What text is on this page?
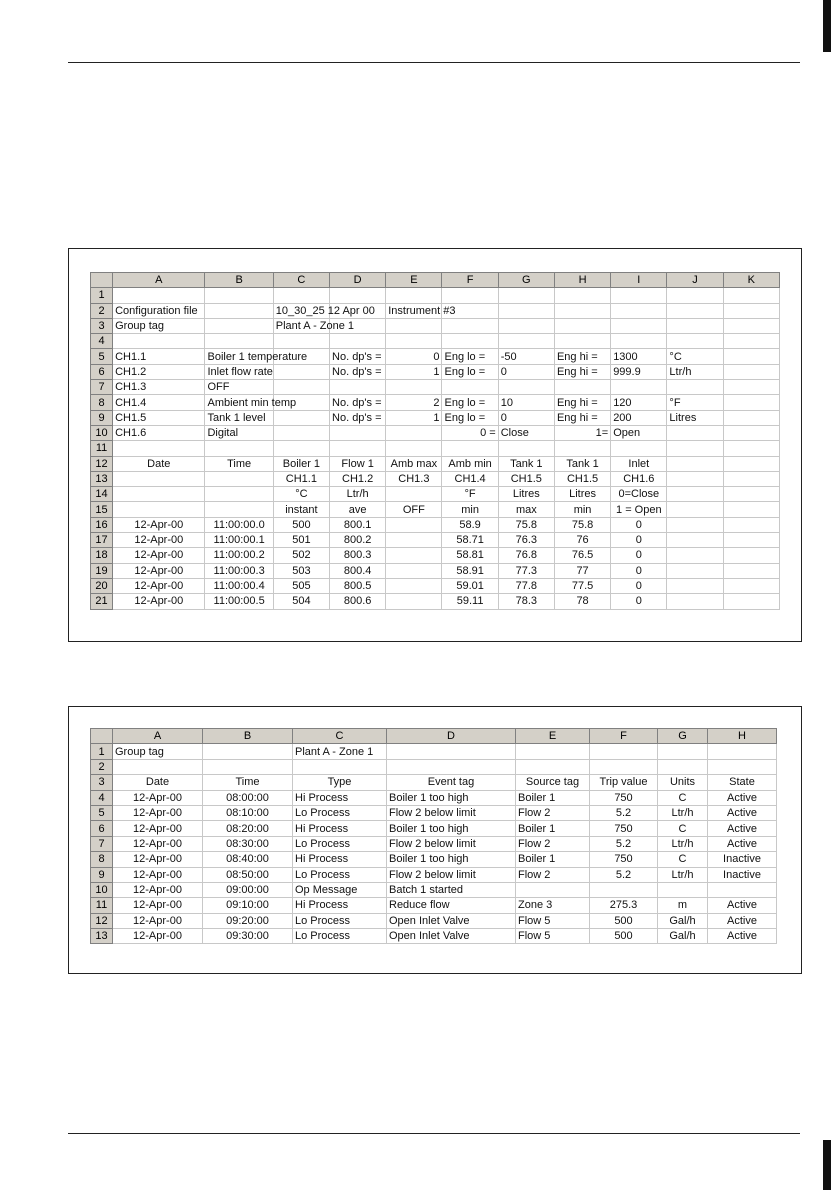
	A	B	C	D	E	F	G	H	I	J	K
1											
2	Configuration file		10_30_25 12 Apr 00		Instrument #3						
3	Group tag		Plant A - Zone 1								
4											
5	CH1.1	Boiler 1 temperature		No. dp's =	0	Eng lo =	-50	Eng hi =	1300	°C	
6	CH1.2	Inlet flow rate		No. dp's =	1	Eng lo =	0	Eng hi =	999.9	Ltr/h	
7	CH1.3	OFF									
8	CH1.4	Ambient min temp		No. dp's =	2	Eng lo =	10	Eng hi =	120	°F	
9	CH1.5	Tank 1 level		No. dp's =	1	Eng lo =	0	Eng hi =	200	Litres	
10	CH1.6	Digital				0 =	Close	1=	Open		
11											
12	Date	Time	Boiler 1	Flow 1	Amb max	Amb min	Tank 1	Tank 1	Inlet		
13			CH1.1	CH1.2	CH1.3	CH1.4	CH1.5	CH1.5	CH1.6		
14			°C	Ltr/h		°F	Litres	Litres	0=Close		
15			instant	ave	OFF	min	max	min	1 = Open		
16	12-Apr-00	11:00:00.0	500	800.1		58.9	75.8	75.8	0		
17	12-Apr-00	11:00:00.1	501	800.2		58.71	76.3	76	0		
18	12-Apr-00	11:00:00.2	502	800.3		58.81	76.8	76.5	0		
19	12-Apr-00	11:00:00.3	503	800.4		58.91	77.3	77	0		
20	12-Apr-00	11:00:00.4	505	800.5		59.01	77.8	77.5	0		
21	12-Apr-00	11:00:00.5	504	800.6		59.11	78.3	78	0		
	A	B	C	D	E	F	G	H
1	Group tag		Plant A - Zone 1					
2								
3	Date	Time	Type	Event tag	Source tag	Trip value	Units	State
4	12-Apr-00	08:00:00	Hi Process	Boiler 1 too high	Boiler 1	750	C	Active
5	12-Apr-00	08:10:00	Lo Process	Flow 2 below limit	Flow 2	5.2	Ltr/h	Active
6	12-Apr-00	08:20:00	Hi Process	Boiler 1 too high	Boiler 1	750	C	Active
7	12-Apr-00	08:30:00	Lo Process	Flow 2 below limit	Flow 2	5.2	Ltr/h	Active
8	12-Apr-00	08:40:00	Hi Process	Boiler 1 too high	Boiler 1	750	C	Inactive
9	12-Apr-00	08:50:00	Lo Process	Flow 2 below limit	Flow 2	5.2	Ltr/h	Inactive
10	12-Apr-00	09:00:00	Op Message	Batch 1 started				
11	12-Apr-00	09:10:00	Hi Process	Reduce flow	Zone 3	275.3	m	Active
12	12-Apr-00	09:20:00	Lo Process	Open Inlet Valve	Flow 5	500	Gal/h	Active
13	12-Apr-00	09:30:00	Lo Process	Open Inlet Valve	Flow 5	500	Gal/h	Active
